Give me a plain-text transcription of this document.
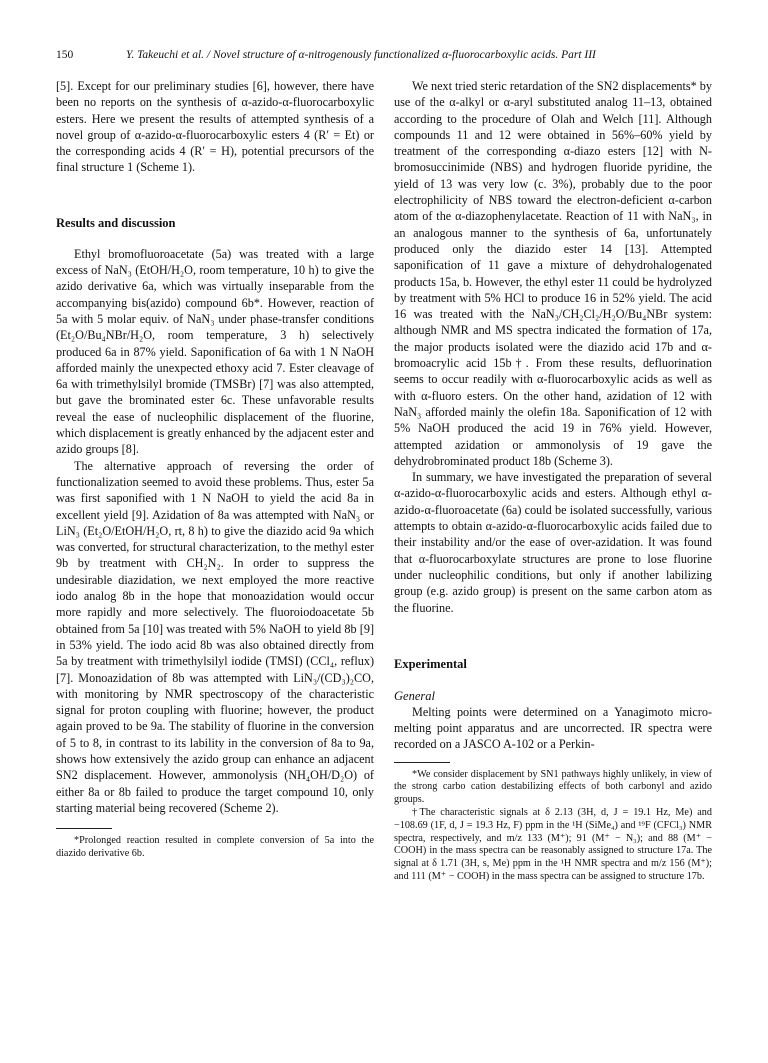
150	Y. Takeuchi et al. / Novel structure of α-nitrogenously functionalized α-fluorocarboxylic acids. Part III

[5]. Except for our preliminary studies [6], however, there have been no reports on the synthesis of α-azido-α-fluorocarboxylic esters. Here we present the results of attempted synthesis of a novel group of α-azido-α-fluorocarboxylic esters 4 (R′ = Et) or the corresponding acids 4 (R′ = H), potential precursors of the final structure 1 (Scheme 1).

Results and discussion

Ethyl bromofluoroacetate (5a) was treated with a large excess of NaN₃ (EtOH/H₂O, room temperature, 10 h) to give the azido derivative 6a, which was virtually inseparable from the accompanying bis(azido) compound 6b*. However, reaction of 5a with 5 molar equiv. of NaN₃ under phase-transfer conditions (Et₂O/Bu₄NBr/H₂O, room temperature, 3 h) selectively produced 6a in 87% yield. Saponification of 6a with 1 N NaOH afforded mainly the unexpected ethoxy acid 7. Ester cleavage of 6a with trimethylsilyl bromide (TMSBr) [7] was also attempted, but gave the brominated ester 6c. These unfavorable results reveal the ease of nucleophilic displacement of the fluorine, which displacement is greatly enhanced by the adjacent ester and azido groups [8].

The alternative approach of reversing the order of functionalization seemed to avoid these problems. Thus, ester 5a was first saponified with 1 N NaOH to yield the acid 8a in excellent yield [9]. Azidation of 8a was attempted with NaN₃ or LiN₃ (Et₂O/EtOH/H₂O, rt, 8 h) to give the diazido acid 9a which was converted, for structural characterization, to the methyl ester 9b by treatment with CH₂N₂. In order to suppress the undesirable diazidation, we next employed the more reactive iodo analog 8b in the hope that monoazidation would occur more rapidly and more selectively. The fluoroiodoacetate 5b obtained from 5a [10] was treated with 5% NaOH to yield 8b [9] in 53% yield. The iodo acid 8b was also obtained directly from 5a by treatment with trimethylsilyl iodide (TMSI) (CCl₄, reflux) [7]. Monoazidation of 8b was attempted with LiN₃/(CD₃)₂CO, with monitoring by NMR spectroscopy of the characteristic signal for proton coupling with fluorine; however, the product again proved to be 9a. The stability of fluorine in the conversion of 5 to 8, in contrast to its lability in the conversion of 8a to 9a, shows how extensively the azido group can enhance an adjacent SN2 displacement. However, ammonolysis (NH₄OH/D₂O) of either 8a or 8b failed to produce the target compound 10, only starting material being recovered (Scheme 2).

*Prolonged reaction resulted in complete conversion of 5a into the diazido derivative 6b.

We next tried steric retardation of the SN2 displacements* by use of the α-alkyl or α-aryl substituted analog 11–13, obtained according to the procedure of Olah and Welch [11]. Although compounds 11 and 12 were obtained in 56%–60% yield by treatment of the corresponding α-diazo esters [12] with N-bromosuccinimide (NBS) and hydrogen fluoride pyridine, the yield of 13 was very low (c. 3%), probably due to the poor electrophilicity of NBS toward the electron-deficient α-carbon atom of the α-diazophenylacetate. Reaction of 11 with NaN₃, in an analogous manner to the synthesis of 6a, unfortunately produced only the diazido ester 14 [13]. Attempted saponification of 11 gave a mixture of dehydrohalogenated products 15a, b. However, the ethyl ester 11 could be hydrolyzed by treatment with 5% HCl to produce 16 in 52% yield. The acid 16 was treated with the NaN₃/CH₂Cl₂/H₂O/Bu₄NBr system: although NMR and MS spectra indicated the formation of 17a, the major products isolated were the diazido acid 17b and α-bromoacrylic acid 15b†. From these results, defluorination seems to occur readily with α-fluorocarboxylic acids as well as with α-fluoro esters. On the other hand, azidation of 12 with NaN₃ afforded mainly the olefin 18a. Saponification of 12 with 5% NaOH produced the acid 19 in 76% yield. However, attempted azidation or ammonolysis of 19 gave the dehydrobrominated product 18b (Scheme 3).

In summary, we have investigated the preparation of several α-azido-α-fluorocarboxylic acids and esters. Although ethyl α-azido-α-fluoroacetate (6a) could be isolated successfully, various attempts to obtain α-azido-α-fluorocarboxylic acids failed due to their instability and/or the ease of over-azidation. It was found that α-fluorocarboxylate structures are prone to lose fluorine under nucleophilic conditions, but only if another labilizing group (e.g. azido group) is present on the same carbon atom as the fluorine.

Experimental
General

Melting points were determined on a Yanagimoto micro-melting point apparatus and are uncorrected. IR spectra were recorded on a JASCO A-102 or a Perkin-

*We consider displacement by SN1 pathways highly unlikely, in view of the strong carbo cation destabilizing effects of both carbonyl and azido groups.

†The characteristic signals at δ 2.13 (3H, d, J = 19.1 Hz, Me) and −108.69 (1F, d, J = 19.3 Hz, F) ppm in the ¹H (SiMe₄) and ¹⁹F (CFCl₃) NMR spectra, respectively, and m/z 133 (M⁺); 91 (M⁺ − N₃); and 88 (M⁺ − COOH) in the mass spectra can be reasonably assigned to structure 17a. The signal at δ 1.71 (3H, s, Me) ppm in the ¹H NMR spectra and m/z 156 (M⁺); and 111 (M⁺ − COOH) in the mass spectra can be assigned to structure 17b.
